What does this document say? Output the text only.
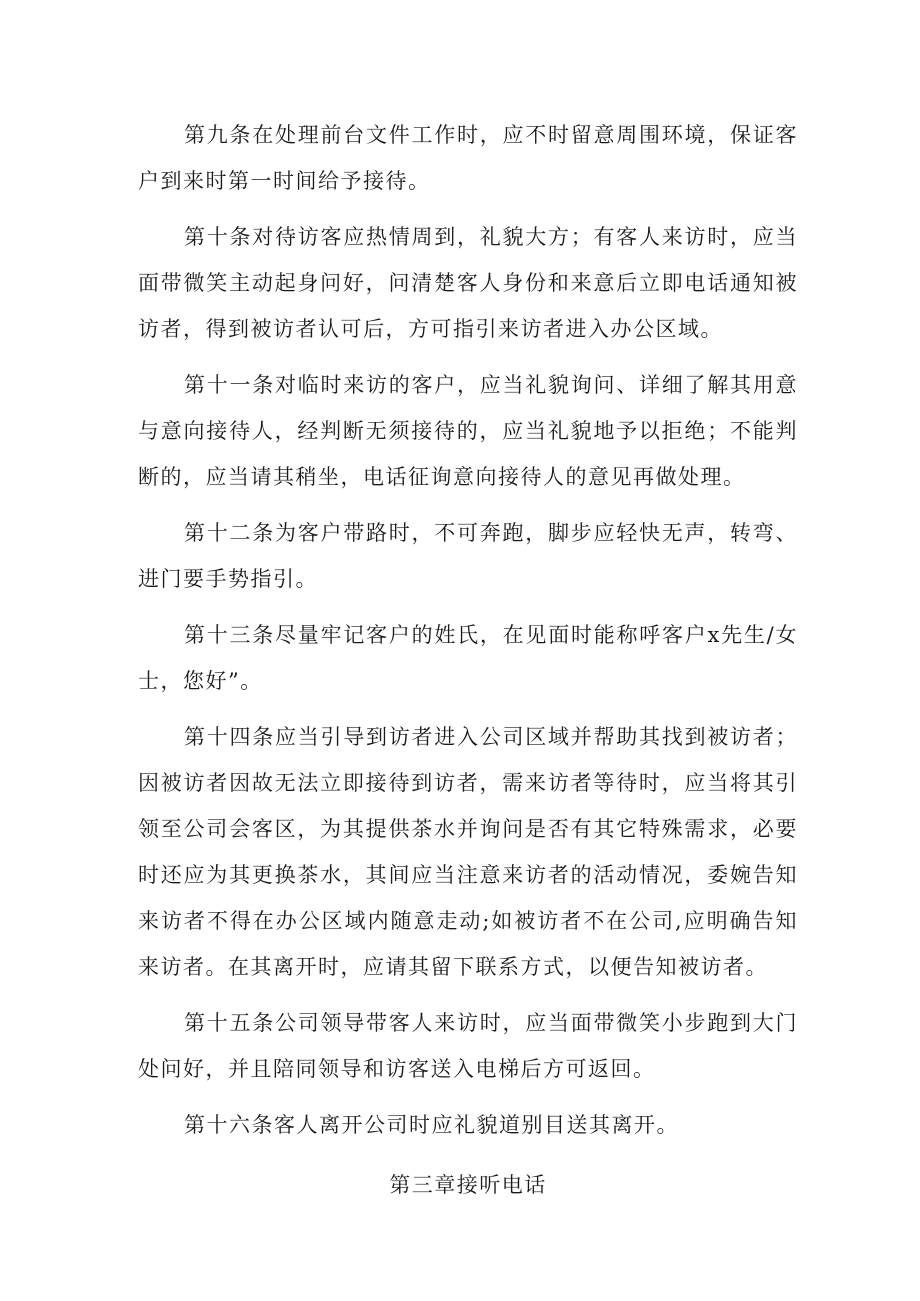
第九条在处理前台文件工作时，应不时留意周围环境，保证客户到来时第一时间给予接待。

第十条对待访客应热情周到，礼貌大方；有客人来访时，应当面带微笑主动起身问好，问清楚客人身份和来意后立即电话通知被访者，得到被访者认可后，方可指引来访者进入办公区域。

第十一条对临时来访的客户，应当礼貌询问、详细了解其用意与意向接待人，经判断无须接待的，应当礼貌地予以拒绝；不能判断的，应当请其稍坐，电话征询意向接待人的意见再做处理。

第十二条为客户带路时，不可奔跑，脚步应轻快无声，转弯、进门要手势指引。

第十三条尽量牢记客户的姓氏，在见面时能称呼客户x先生/女士，您好”。

第十四条应当引导到访者进入公司区域并帮助其找到被访者；因被访者因故无法立即接待到访者，需来访者等待时，应当将其引领至公司会客区，为其提供茶水并询问是否有其它特殊需求，必要时还应为其更换茶水，其间应当注意来访者的活动情况，委婉告知来访者不得在办公区域内随意走动;如被访者不在公司,应明确告知来访者。在其离开时，应请其留下联系方式，以便告知被访者。

第十五条公司领导带客人来访时，应当面带微笑小步跑到大门处问好，并且陪同领导和访客送入电梯后方可返回。

第十六条客人离开公司时应礼貌道别目送其离开。

第三章接听电话
